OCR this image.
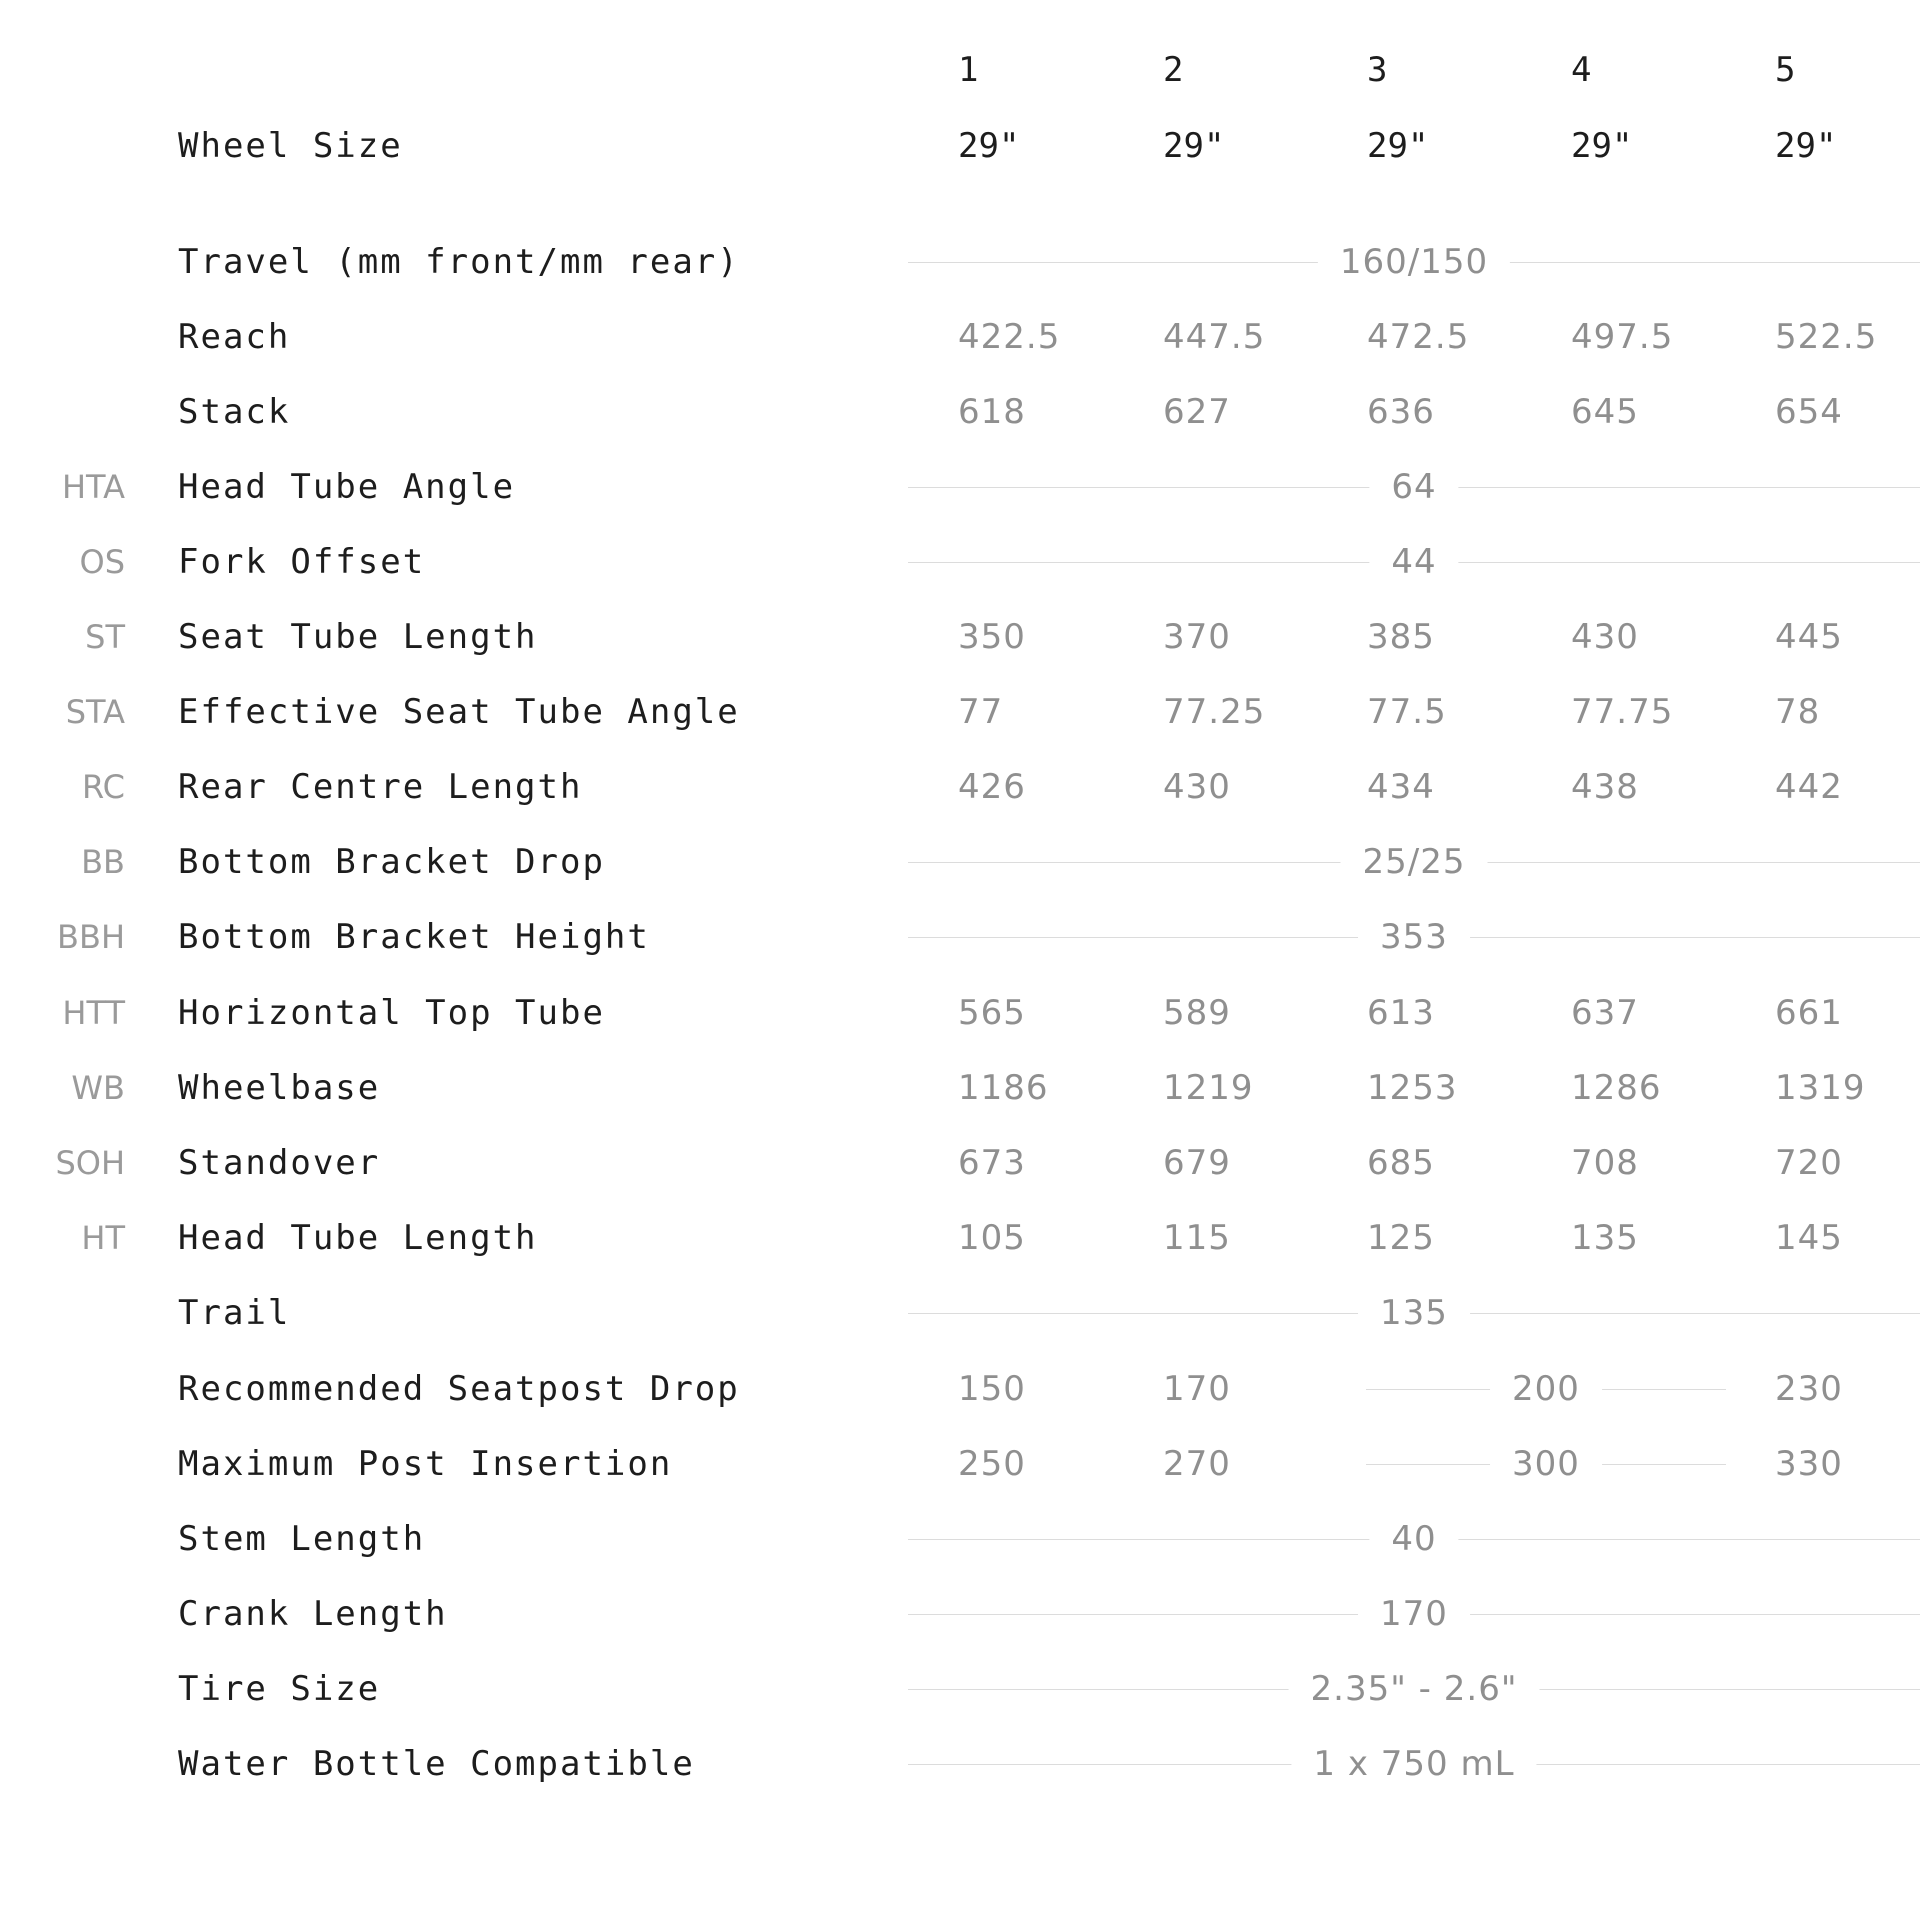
1	2	3	4	5
Wheel Size	29"	29"	29"	29"	29"
Travel (mm front/mm rear)	160/150
Reach	422.5	447.5	472.5	497.5	522.5
Stack	618	627	636	645	654
HTA Head Tube Angle	64
OS Fork Offset	44
ST Seat Tube Length	350	370	385	430	445
STA Effective Seat Tube Angle	77	77.25	77.5	77.75	78
RC Rear Centre Length	426	430	434	438	442
BB Bottom Bracket Drop	25/25
BBH Bottom Bracket Height	353
HTT Horizontal Top Tube	565	589	613	637	661
WB Wheelbase	1186	1219	1253	1286	1319
SOH Standover	673	679	685	708	720
HT Head Tube Length	105	115	125	135	145
Trail	135
Recommended Seatpost Drop	150	170	200	230
Maximum Post Insertion	250	270	300	330
Stem Length	40
Crank Length	170
Tire Size	2.35" - 2.6"
Water Bottle Compatible	1 x 750 mL
